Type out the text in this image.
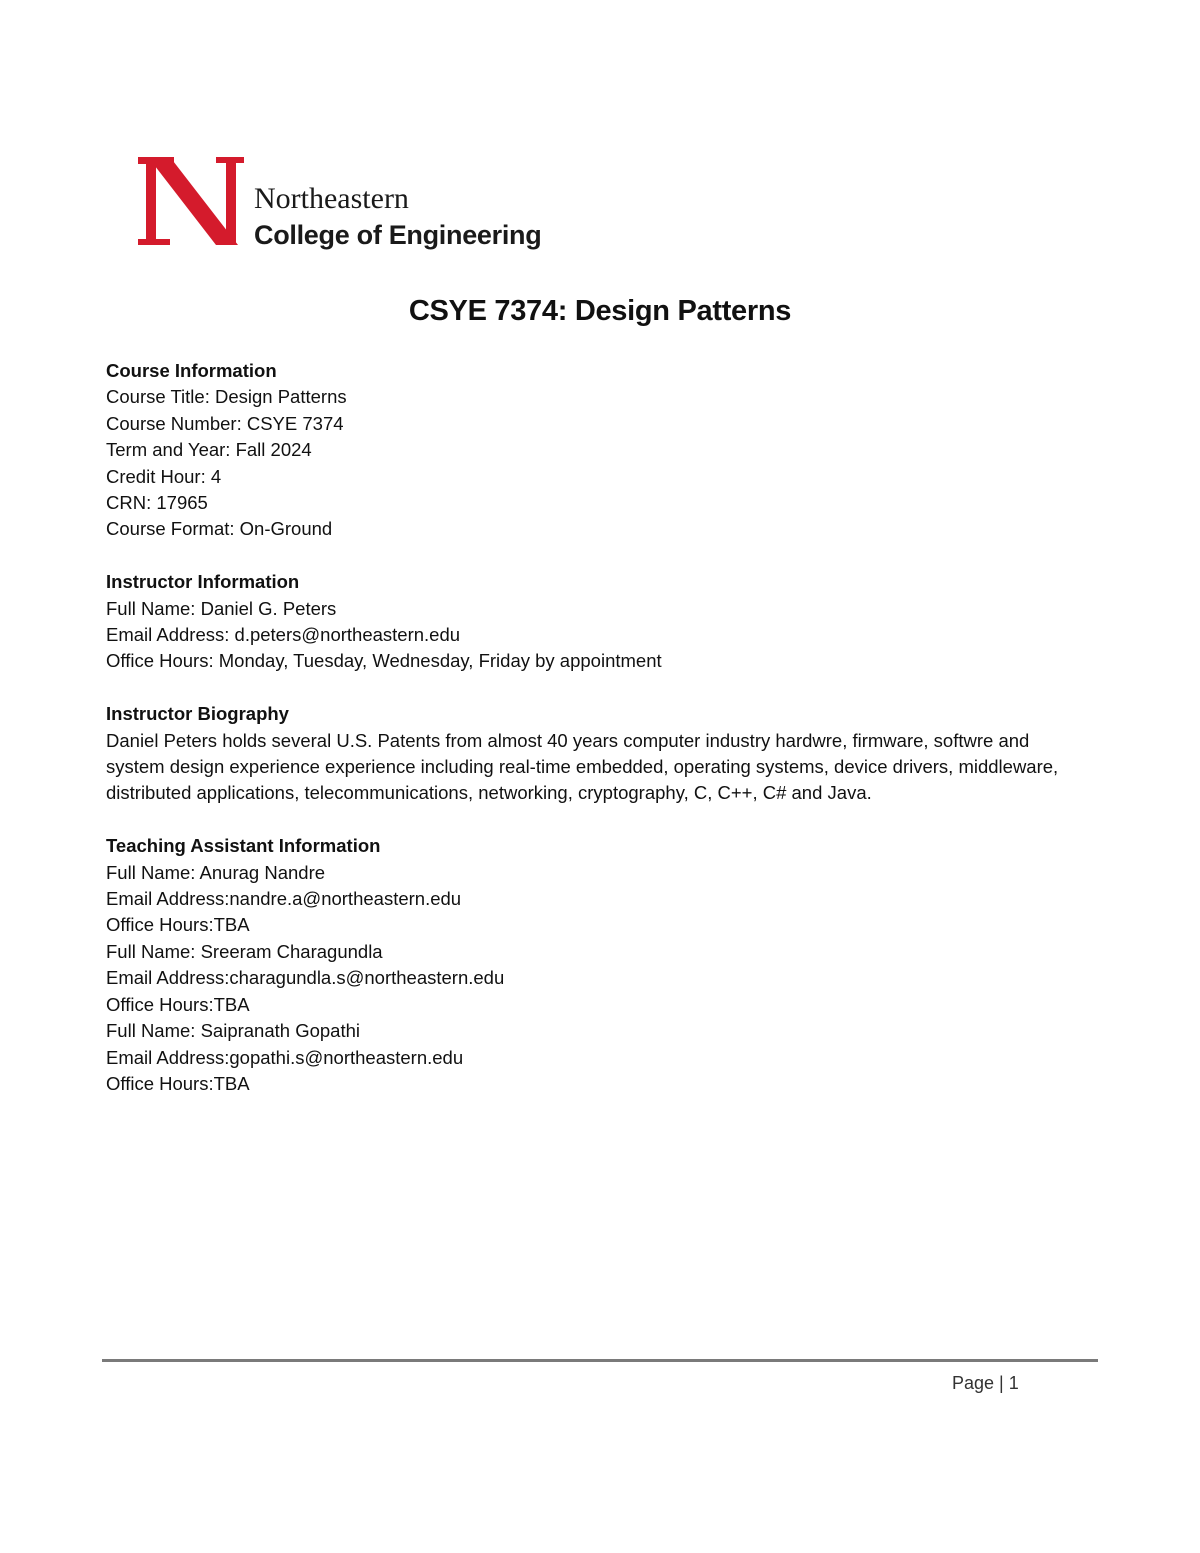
Northeastern
College of Engineering
CSYE 7374: Design Patterns
Course Information
Course Title: Design Patterns
Course Number: CSYE 7374
Term and Year: Fall 2024
Credit Hour: 4
CRN: 17965
Course Format: On-Ground
Instructor Information
Full Name: Daniel G. Peters
Email Address: d.peters@northeastern.edu
Office Hours: Monday, Tuesday, Wednesday, Friday by appointment
Instructor Biography
Daniel Peters holds several U.S. Patents from almost 40 years computer industry hardwre, firmware, softwre and system design experience experience including real-time embedded, operating systems, device drivers, middleware, distributed applications, telecommunications, networking, cryptography, C, C++, C# and Java.
Teaching Assistant Information
Full Name: Anurag Nandre
Email Address:nandre.a@northeastern.edu
Office Hours:TBA
Full Name: Sreeram Charagundla
Email Address:charagundla.s@northeastern.edu
Office Hours:TBA
Full Name: Saipranath Gopathi
Email Address:gopathi.s@northeastern.edu
Office Hours:TBA
Page | 1
